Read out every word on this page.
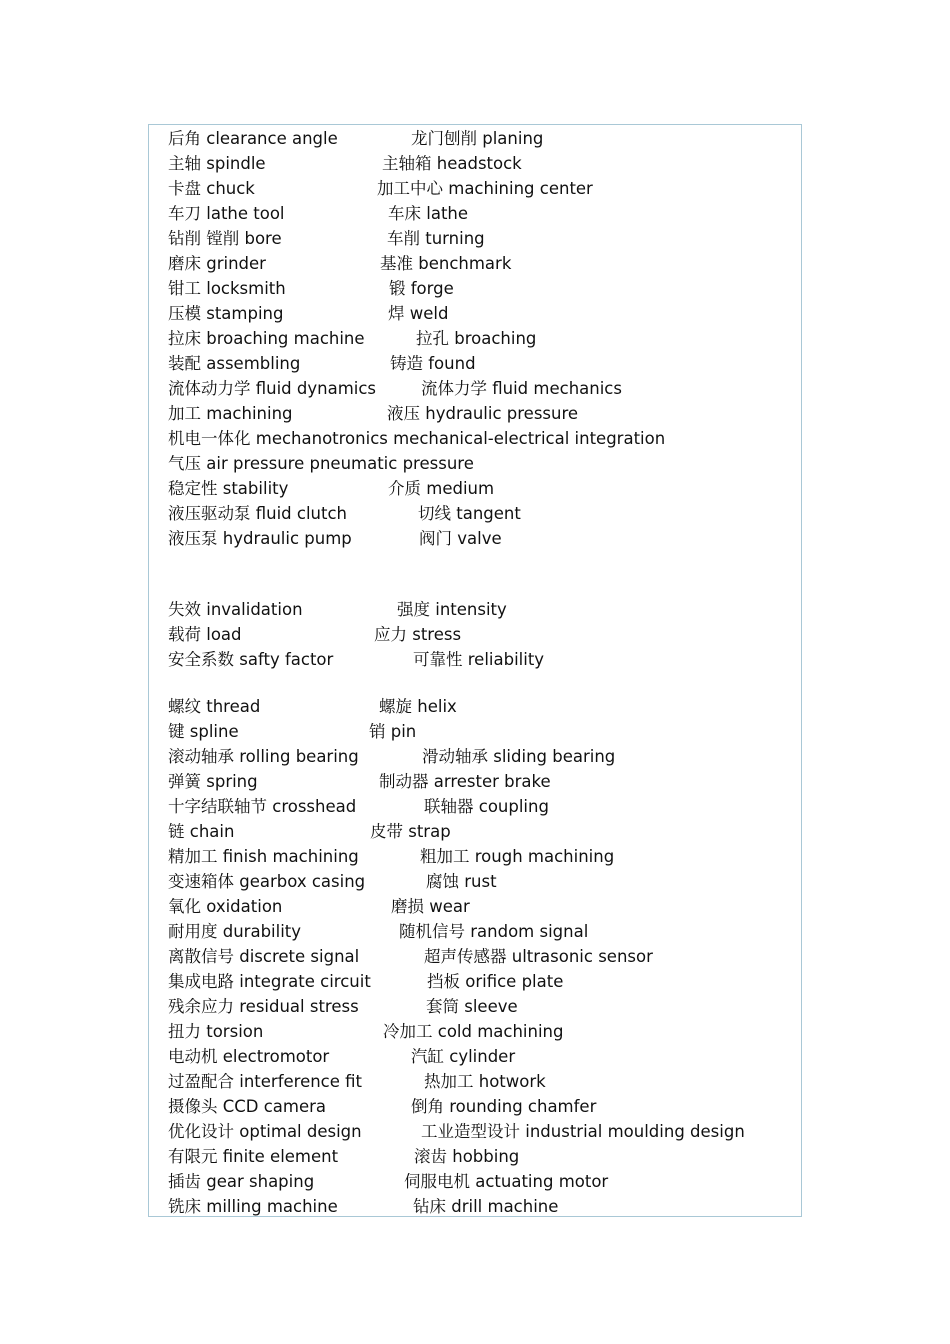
后角 clearance angle	龙门刨削 planing
主轴 spindle	主轴箱 headstock
卡盘 chuck	加工中心 machining center
车刀 lathe tool	车床 lathe
钻削 镗削 bore	车削 turning
磨床 grinder	基准 benchmark
钳工 locksmith	锻 forge
压模 stamping	焊 weld
拉床 broaching machine	拉孔 broaching
装配 assembling	铸造 found
流体动力学 fluid dynamics	流体力学 fluid mechanics
加工 machining	液压 hydraulic pressure
机电一体化 mechanotronics mechanical-electrical integration
气压 air pressure pneumatic pressure
稳定性 stability	介质 medium
液压驱动泵 fluid clutch	切线 tangent
液压泵 hydraulic pump	阀门 valve
失效 invalidation	强度 intensity
载荷 load	应力 stress
安全系数 safty factor	可靠性 reliability
螺纹 thread	螺旋 helix
键 spline	销 pin
滚动轴承 rolling bearing	滑动轴承 sliding bearing
弹簧 spring	制动器 arrester brake
十字结联轴节 crosshead	联轴器 coupling
链 chain	皮带 strap
精加工 finish machining	粗加工 rough machining
变速箱体 gearbox casing	腐蚀 rust
氧化 oxidation	磨损 wear
耐用度 durability	随机信号 random signal
离散信号 discrete signal	超声传感器 ultrasonic sensor
集成电路 integrate circuit	挡板 orifice plate
残余应力 residual stress	套筒 sleeve
扭力 torsion	冷加工 cold machining
电动机 electromotor	汽缸 cylinder
过盈配合 interference fit	热加工 hotwork
摄像头 CCD camera	倒角 rounding chamfer
优化设计 optimal design	工业造型设计 industrial moulding design
有限元 finite element	滚齿 hobbing
插齿 gear shaping	伺服电机 actuating motor
铣床 milling machine	钻床 drill machine
